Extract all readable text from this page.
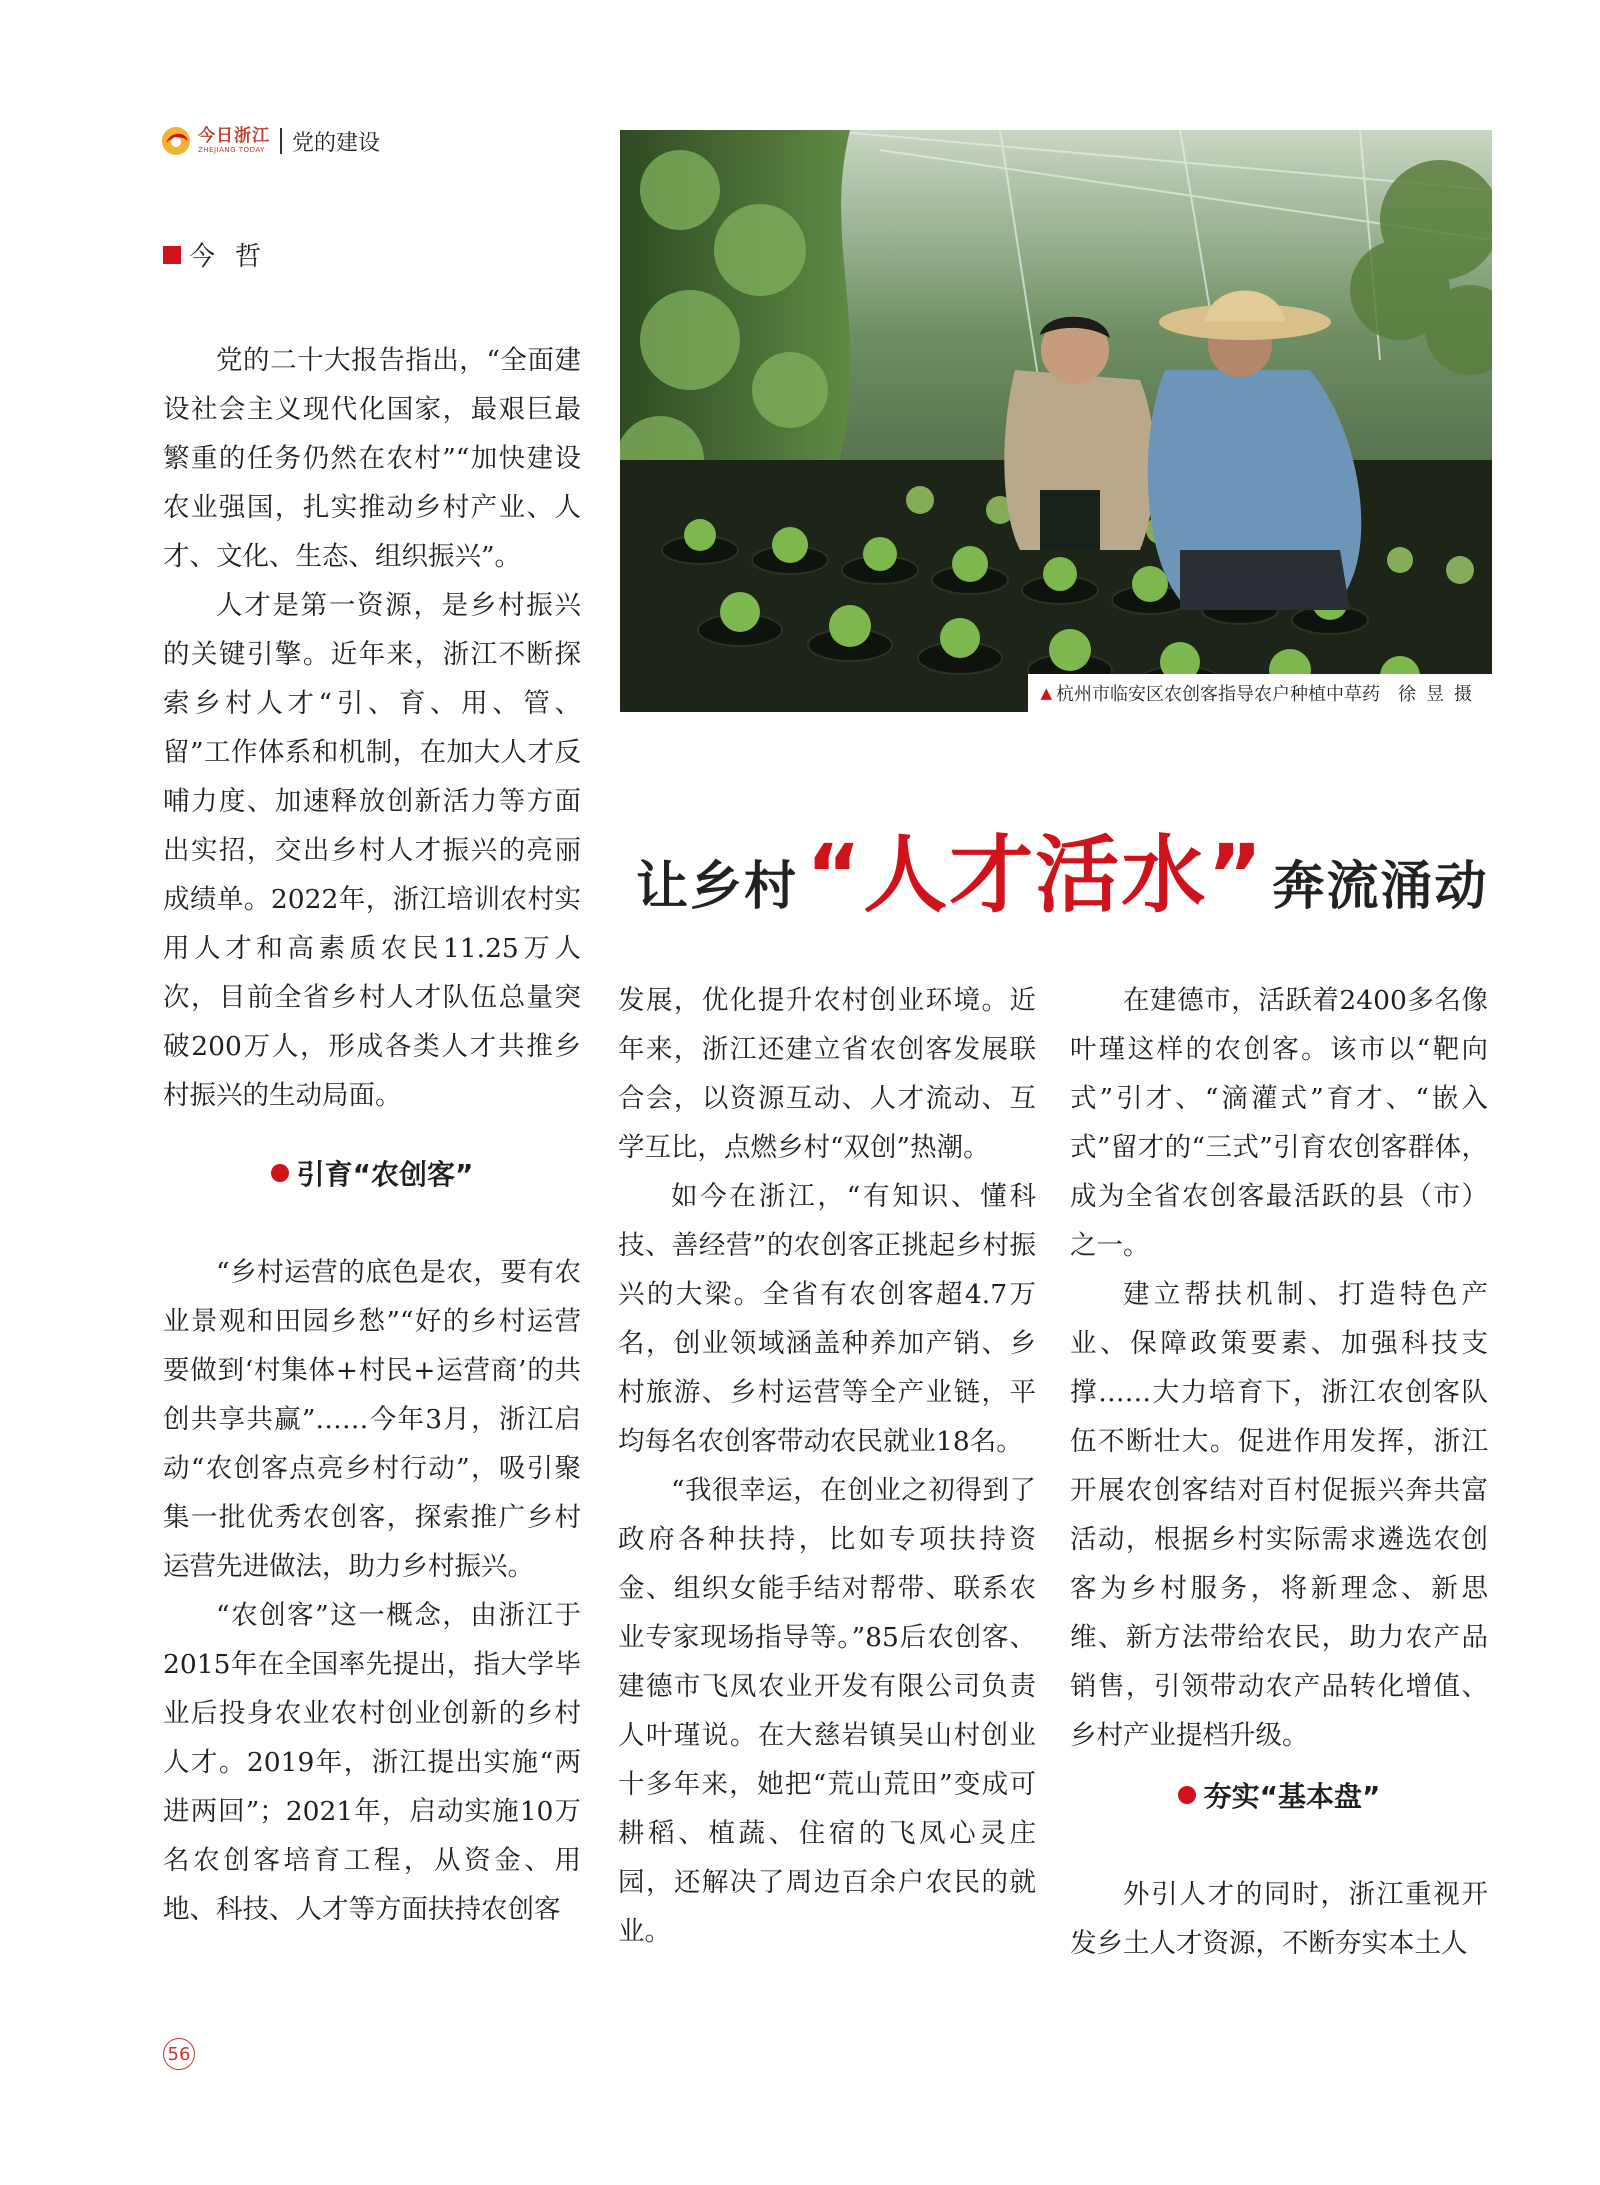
今日浙江
ZHEJIANG TODAY 党的建设
今哲
▲ 杭州市临安区农创客指导农户种植中草药 徐昱摄
让乡村 “人才活水” 奔流涌动

党的二十大报告指出，“全面建设社会主义现代化国家，最艰巨最繁重的任务仍然在农村”“加快建设农业强国，扎实推动乡村产业、人才、文化、生态、组织振兴”。

人才是第一资源，是乡村振兴的关键引擎。近年来，浙江不断探索乡村人才“引、育、用、管、留”工作体系和机制，在加大人才反哺力度、加速释放创新活力等方面出实招，交出乡村人才振兴的亮丽成绩单。2022年，浙江培训农村实用人才和高素质农民11.25万人次，目前全省乡村人才队伍总量突破200万人，形成各类人才共推乡村振兴的生动局面。

引育“农创客”

“乡村运营的底色是农，要有农业景观和田园乡愁”“好的乡村运营要做到‘村集体+村民+运营商’的共创共享共赢”……今年3月，浙江启动“农创客点亮乡村行动”，吸引聚集一批优秀农创客，探索推广乡村运营先进做法，助力乡村振兴。

“农创客”这一概念，由浙江于2015年在全国率先提出，指大学毕业后投身农业农村创业创新的乡村人才。2019年，浙江提出实施“两进两回”；2021年，启动实施10万名农创客培育工程，从资金、用地、科技、人才等方面扶持农创客

发展，优化提升农村创业环境。近年来，浙江还建立省农创客发展联合会，以资源互动、人才流动、互学互比，点燃乡村“双创”热潮。

如今在浙江，“有知识、懂科技、善经营”的农创客正挑起乡村振兴的大梁。全省有农创客超4.7万名，创业领域涵盖种养加产销、乡村旅游、乡村运营等全产业链，平均每名农创客带动农民就业18名。

“我很幸运，在创业之初得到了政府各种扶持，比如专项扶持资金、组织女能手结对帮带、联系农业专家现场指导等。”85后农创客、建德市飞凤农业开发有限公司负责人叶瑾说。在大慈岩镇吴山村创业十多年来，她把“荒山荒田”变成可耕稻、植蔬、住宿的飞凤心灵庄园，还解决了周边百余户农民的就业。

在建德市，活跃着2400多名像叶瑾这样的农创客。该市以“靶向式”引才、“滴灌式”育才、“嵌入式”留才的“三式”引育农创客群体，成为全省农创客最活跃的县（市）之一。

建立帮扶机制、打造特色产业、保障政策要素、加强科技支撑……大力培育下，浙江农创客队伍不断壮大。促进作用发挥，浙江开展农创客结对百村促振兴奔共富活动，根据乡村实际需求遴选农创客为乡村服务，将新理念、新思维、新方法带给农民，助力农产品销售，引领带动农产品转化增值、乡村产业提档升级。

夯实“基本盘”

外引人才的同时，浙江重视开发乡土人才资源，不断夯实本土人

56
